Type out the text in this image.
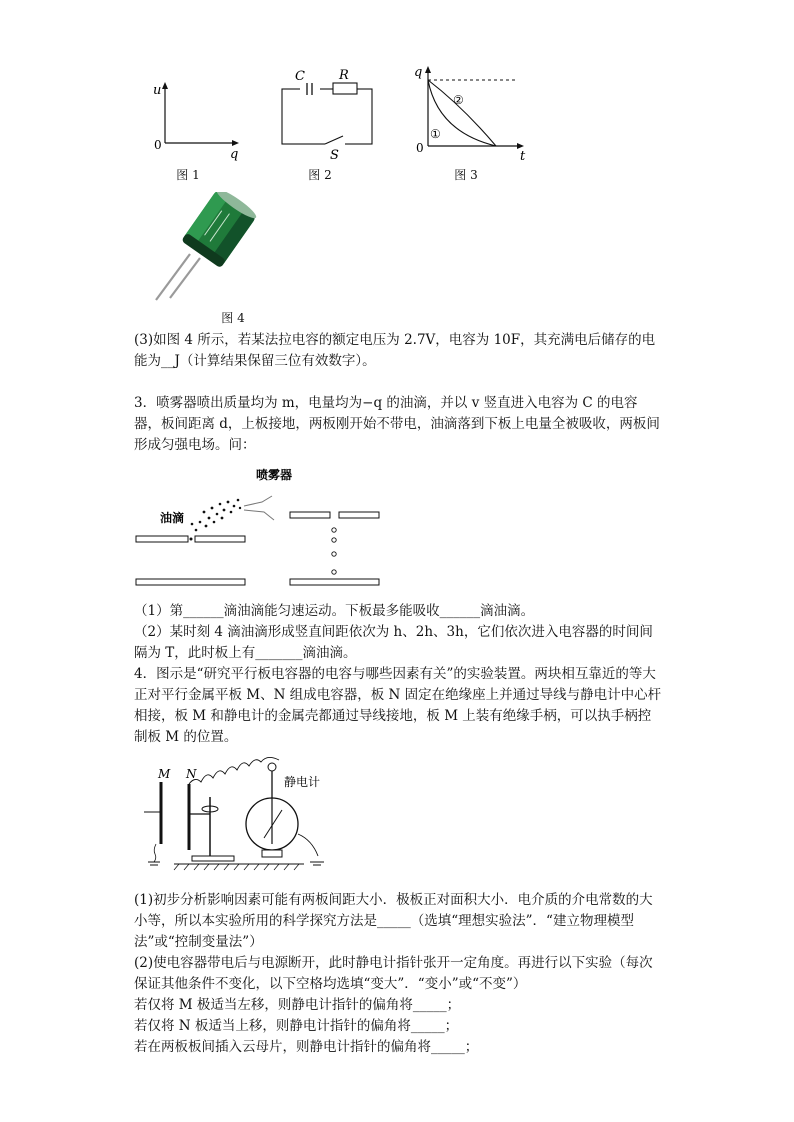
u
q
0
图 1
C	R
S
图 2
q
t
0
①
②
图 3
图 4
(3)如图 4 所示，若某法拉电容的额定电压为 2.7V，电容为 10F，其充满电后储存的电能为__J（计算结果保留三位有效数字）。
3．喷雾器喷出质量均为 m，电量均为−q 的油滴，并以 v 竖直进入电容为 C 的电容器，板间距离 d，上板接地，两板刚开始不带电，油滴落到下板上电量全被吸收，两板间形成匀强电场。问：
喷雾器
油滴
（1）第______滴油滴能匀速运动。下板最多能吸收______滴油滴。
（2）某时刻 4 滴油滴形成竖直间距依次为 h、2h、3h，它们依次进入电容器的时间间隔为 T，此时板上有_______滴油滴。
4．图示是“研究平行板电容器的电容与哪些因素有关”的实验装置。两块相互靠近的等大正对平行金属平板 M、N 组成电容器，板 N 固定在绝缘座上并通过导线与静电计中心杆相接，板 M 和静电计的金属壳都通过导线接地，板 M 上装有绝缘手柄，可以执手柄控制板 M 的位置。
M N
静电计
(1)初步分析影响因素可能有两板间距大小．极板正对面积大小．电介质的介电常数的大小等，所以本实验所用的科学探究方法是_____（选填“理想实验法”．“建立物理模型法”或“控制变量法”）
(2)使电容器带电后与电源断开，此时静电计指针张开一定角度。再进行以下实验（每次保证其他条件不变化，以下空格均选填“变大”．“变小”或“不变”）
若仅将 M 极适当左移，则静电计指针的偏角将_____；
若仅将 N 板适当上移，则静电计指针的偏角将_____；
若在两板板间插入云母片，则静电计指针的偏角将_____；
